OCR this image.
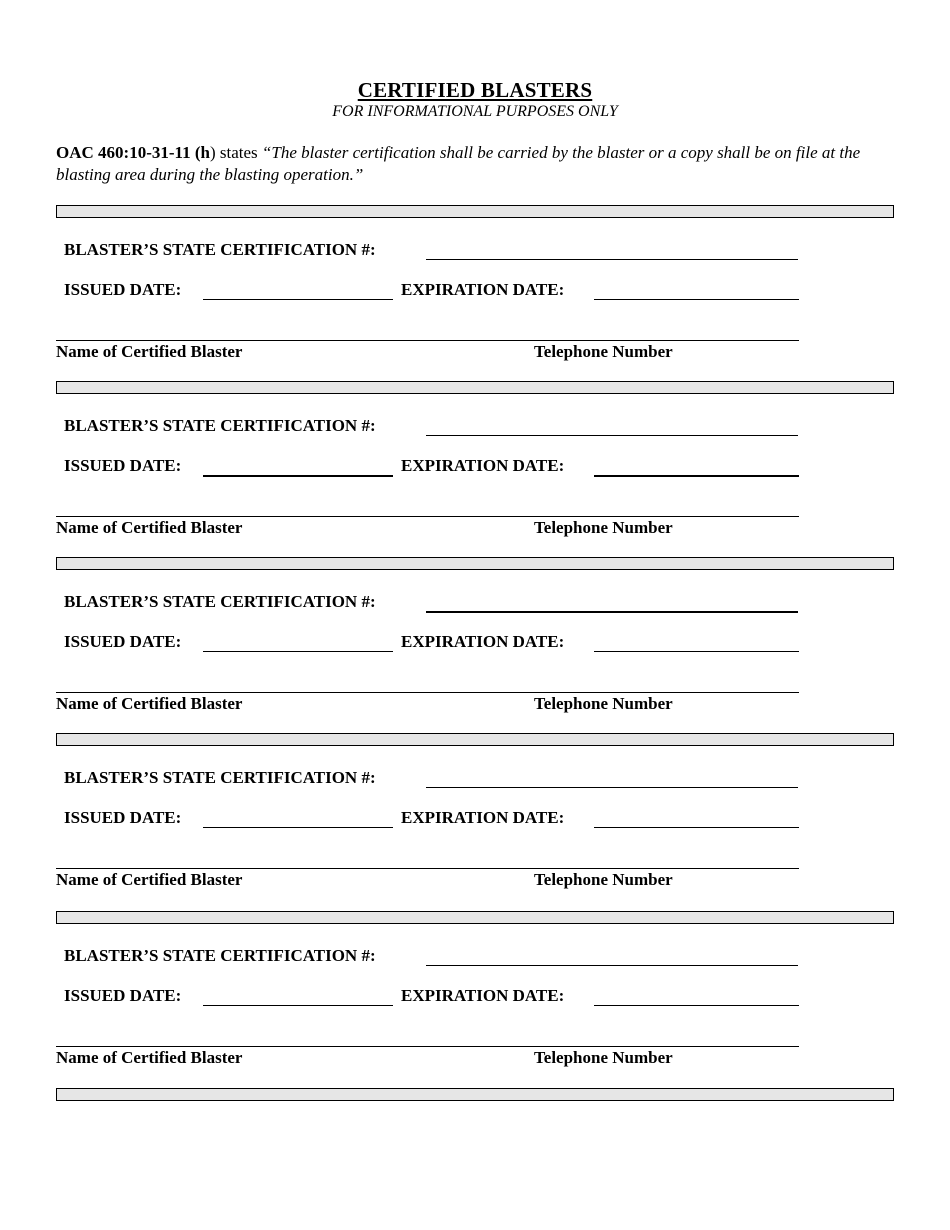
CERTIFIED BLASTERS
FOR INFORMATIONAL PURPOSES ONLY
OAC 460:10-31-11 (h) states “The blaster certification shall be carried by the blaster or a copy shall be on file at the blasting area during the blasting operation.”
BLASTER’S STATE CERTIFICATION #:
ISSUED DATE:	EXPIRATION DATE:
Name of Certified Blaster	Telephone Number
BLASTER’S STATE CERTIFICATION #:
ISSUED DATE:	EXPIRATION DATE:
Name of Certified Blaster	Telephone Number
BLASTER’S STATE CERTIFICATION #:
ISSUED DATE:	EXPIRATION DATE:
Name of Certified Blaster	Telephone Number
BLASTER’S STATE CERTIFICATION #:
ISSUED DATE:	EXPIRATION DATE:
Name of Certified Blaster	Telephone Number
BLASTER’S STATE CERTIFICATION #:
ISSUED DATE:	EXPIRATION DATE:
Name of Certified Blaster	Telephone Number
